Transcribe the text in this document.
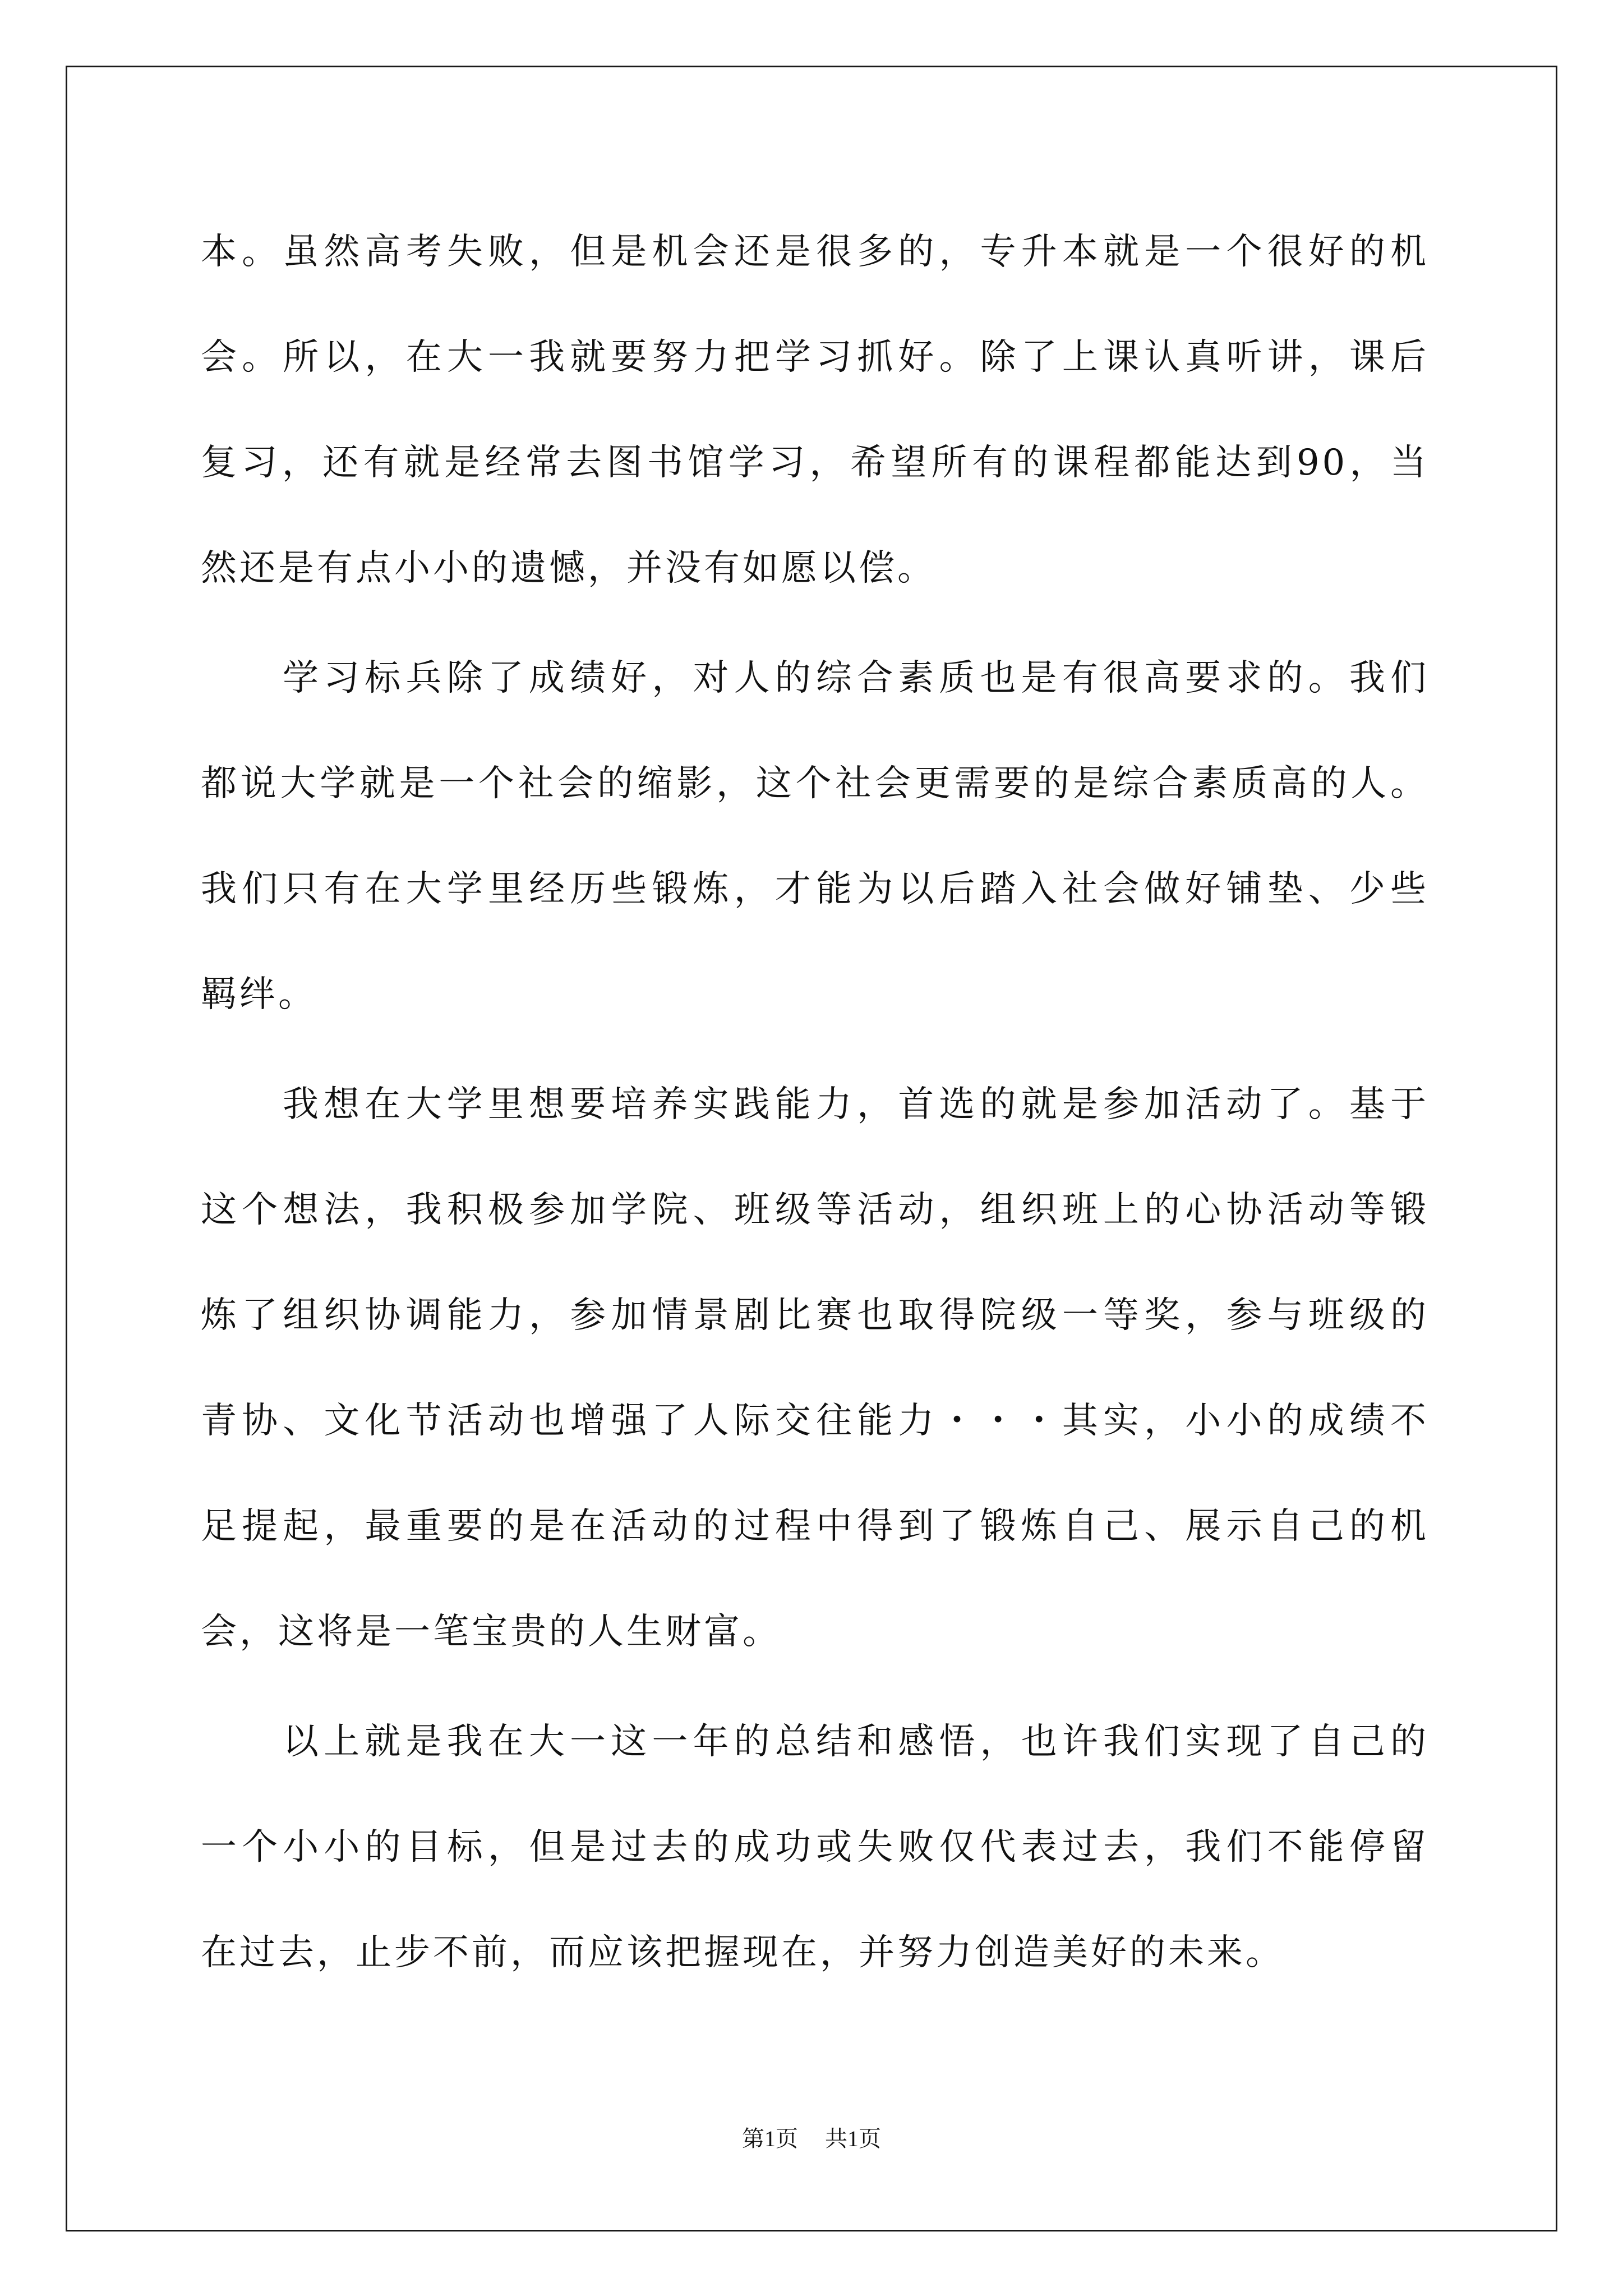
本。虽然高考失败，但是机会还是很多的，专升本就是一个很好的机
会。所以，在大一我就要努力把学习抓好。除了上课认真听讲，课后
复习，还有就是经常去图书馆学习，希望所有的课程都能达到90，当
然还是有点小小的遗憾，并没有如愿以偿。
学习标兵除了成绩好，对人的综合素质也是有很高要求的。我们
都说大学就是一个社会的缩影，这个社会更需要的是综合素质高的人。
我们只有在大学里经历些锻炼，才能为以后踏入社会做好铺垫、少些
羁绊。
我想在大学里想要培养实践能力，首选的就是参加活动了。基于
这个想法，我积极参加学院、班级等活动，组织班上的心协活动等锻
炼了组织协调能力，参加情景剧比赛也取得院级一等奖，参与班级的
青协、文化节活动也增强了人际交往能力・・・其实，小小的成绩不
足提起，最重要的是在活动的过程中得到了锻炼自己、展示自己的机
会，这将是一笔宝贵的人生财富。
以上就是我在大一这一年的总结和感悟，也许我们实现了自己的
一个小小的目标，但是过去的成功或失败仅代表过去，我们不能停留
在过去，止步不前，而应该把握现在，并努力创造美好的未来。
第1页 共1页
